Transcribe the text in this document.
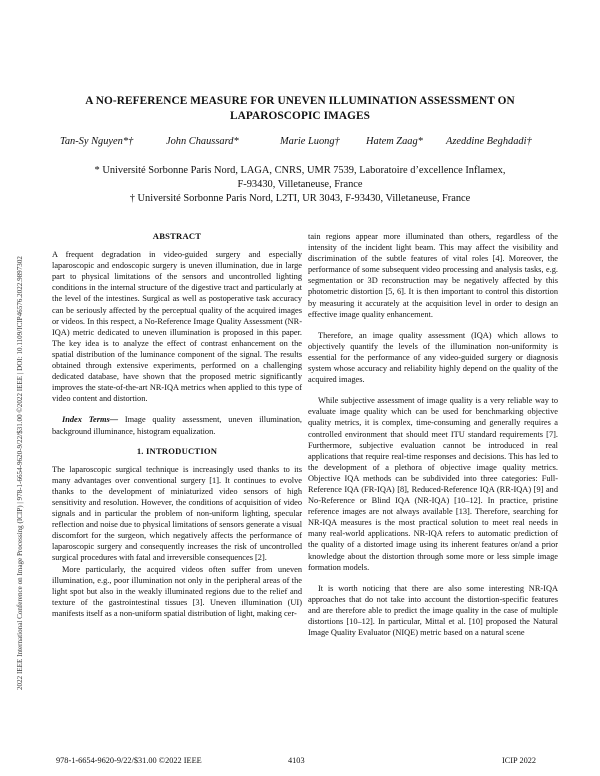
2022 IEEE International Conference on Image Processing (ICIP) | 978-1-6654-9620-9/22/$31.00 ©2022 IEEE | DOI: 10.1109/ICIP46576.2022.9897302
A NO-REFERENCE MEASURE FOR UNEVEN ILLUMINATION ASSESSMENT ON
LAPAROSCOPIC IMAGES
Tan-Sy Nguyen*†	John Chaussard*	Marie Luong†	Hatem Zaag* Azeddine Beghdadi†
* Université Sorbonne Paris Nord, LAGA, CNRS, UMR 7539, Laboratoire d’excellence Inflamex,
F-93430, Villetaneuse, France
† Université Sorbonne Paris Nord, L2TI, UR 3043, F-93430, Villetaneuse, France
ABSTRACT

A frequent degradation in video-guided surgery and especially laparoscopic and endoscopic surgery is uneven illumination, due in large part to physical limitations of the sensors and uncontrolled lighting conditions in the internal structure of the digestive tract and particularly at the level of the intestines. Surgical as well as postoperative task accuracy can be seriously affected by the perceptual quality of the acquired images or videos. In this respect, a No-Reference Image Quality Assessment (NR-IQA) metric dedicated to uneven illumination is proposed in this paper. The key idea is to analyze the effect of contrast enhancement on the spatial distribution of the luminance component of the signal. The results obtained through extensive experiments, performed on a challenging dedicated database, have shown that the proposed metric significantly improves the state-of-the-art NR-IQA metrics when applied to this type of video content and distortion.

Index Terms— Image quality assessment, uneven illumination, background illuminance, histogram equalization.

1. INTRODUCTION

The laparoscopic surgical technique is increasingly used thanks to its many advantages over conventional surgery [1]. It continues to evolve thanks to the development of miniaturized video sensors of high sensitivity and resolution. However, the conditions of acquisition of video signals and in particular the problem of non-uniform lighting, specular reflection and noise due to physical limitations of sensors generate a visual discomfort for the surgeon, which negatively affects the performance of laparoscopic surgery and consequently increases the risk of uncontrolled surgical procedures with fatal and irreversible consequences [2].

More particularly, the acquired videos often suffer from uneven illumination, e.g., poor illumination not only in the peripheral areas of the light spot but also in the weakly illuminated regions due to the relief and texture of the gastrointestinal tissues [3]. Uneven illumination (UI) manifests itself as a non-uniform spatial distribution of light, making cer-

tain regions appear more illuminated than others, regardless of the intensity of the incident light beam. This may affect the visibility and discrimination of the subtle features of vital roles [4]. Moreover, the performance of some subsequent video processing and analysis tasks, e.g. segmentation or 3D reconstruction may be negatively affected by this photometric distortion [5, 6]. It is then important to control this distortion by measuring it accurately at the acquisition level in order to design an effective image quality enhancement.

Therefore, an image quality assessment (IQA) which allows to objectively quantify the levels of the illumination non-uniformity is essential for the performance of any video-guided surgery or diagnosis system whose accuracy and reliability highly depend on the quality of the acquired images.

While subjective assessment of image quality is a very reliable way to evaluate image quality which can be used for benchmarking objective quality metrics, it is complex, time-consuming and generally requires a controlled environment that should meet ITU standard requirements [7]. Furthermore, subjective evaluation cannot be introduced in real applications that require real-time responses and decisions. This has led to the development of a plethora of objective image quality metrics. Objective IQA methods can be subdivided into three categories: Full-Reference IQA (FR-IQA) [8], Reduced-Reference IQA (RR-IQA) [9] and No-Reference or Blind IQA (NR-IQA) [10–12]. In practice, pristine reference images are not always available [13]. Therefore, searching for NR-IQA measures is the most practical solution to meet real needs in many real-world applications. NR-IQA refers to automatic prediction of the quality of a distorted image using its inherent features or/and a prior knowledge about the distortion through some more or less simple image formation models.

It is worth noticing that there are also some interesting NR-IQA approaches that do not take into account the distortion-specific features and are therefore able to predict the image quality in the case of multiple distortions [10–12]. In particular, Mittal et al. [10] proposed the Natural Image Quality Evaluator (NIQE) metric based on a natural scene

978-1-6654-9620-9/22/$31.00 ©2022 IEEE	4103	ICIP 2022
